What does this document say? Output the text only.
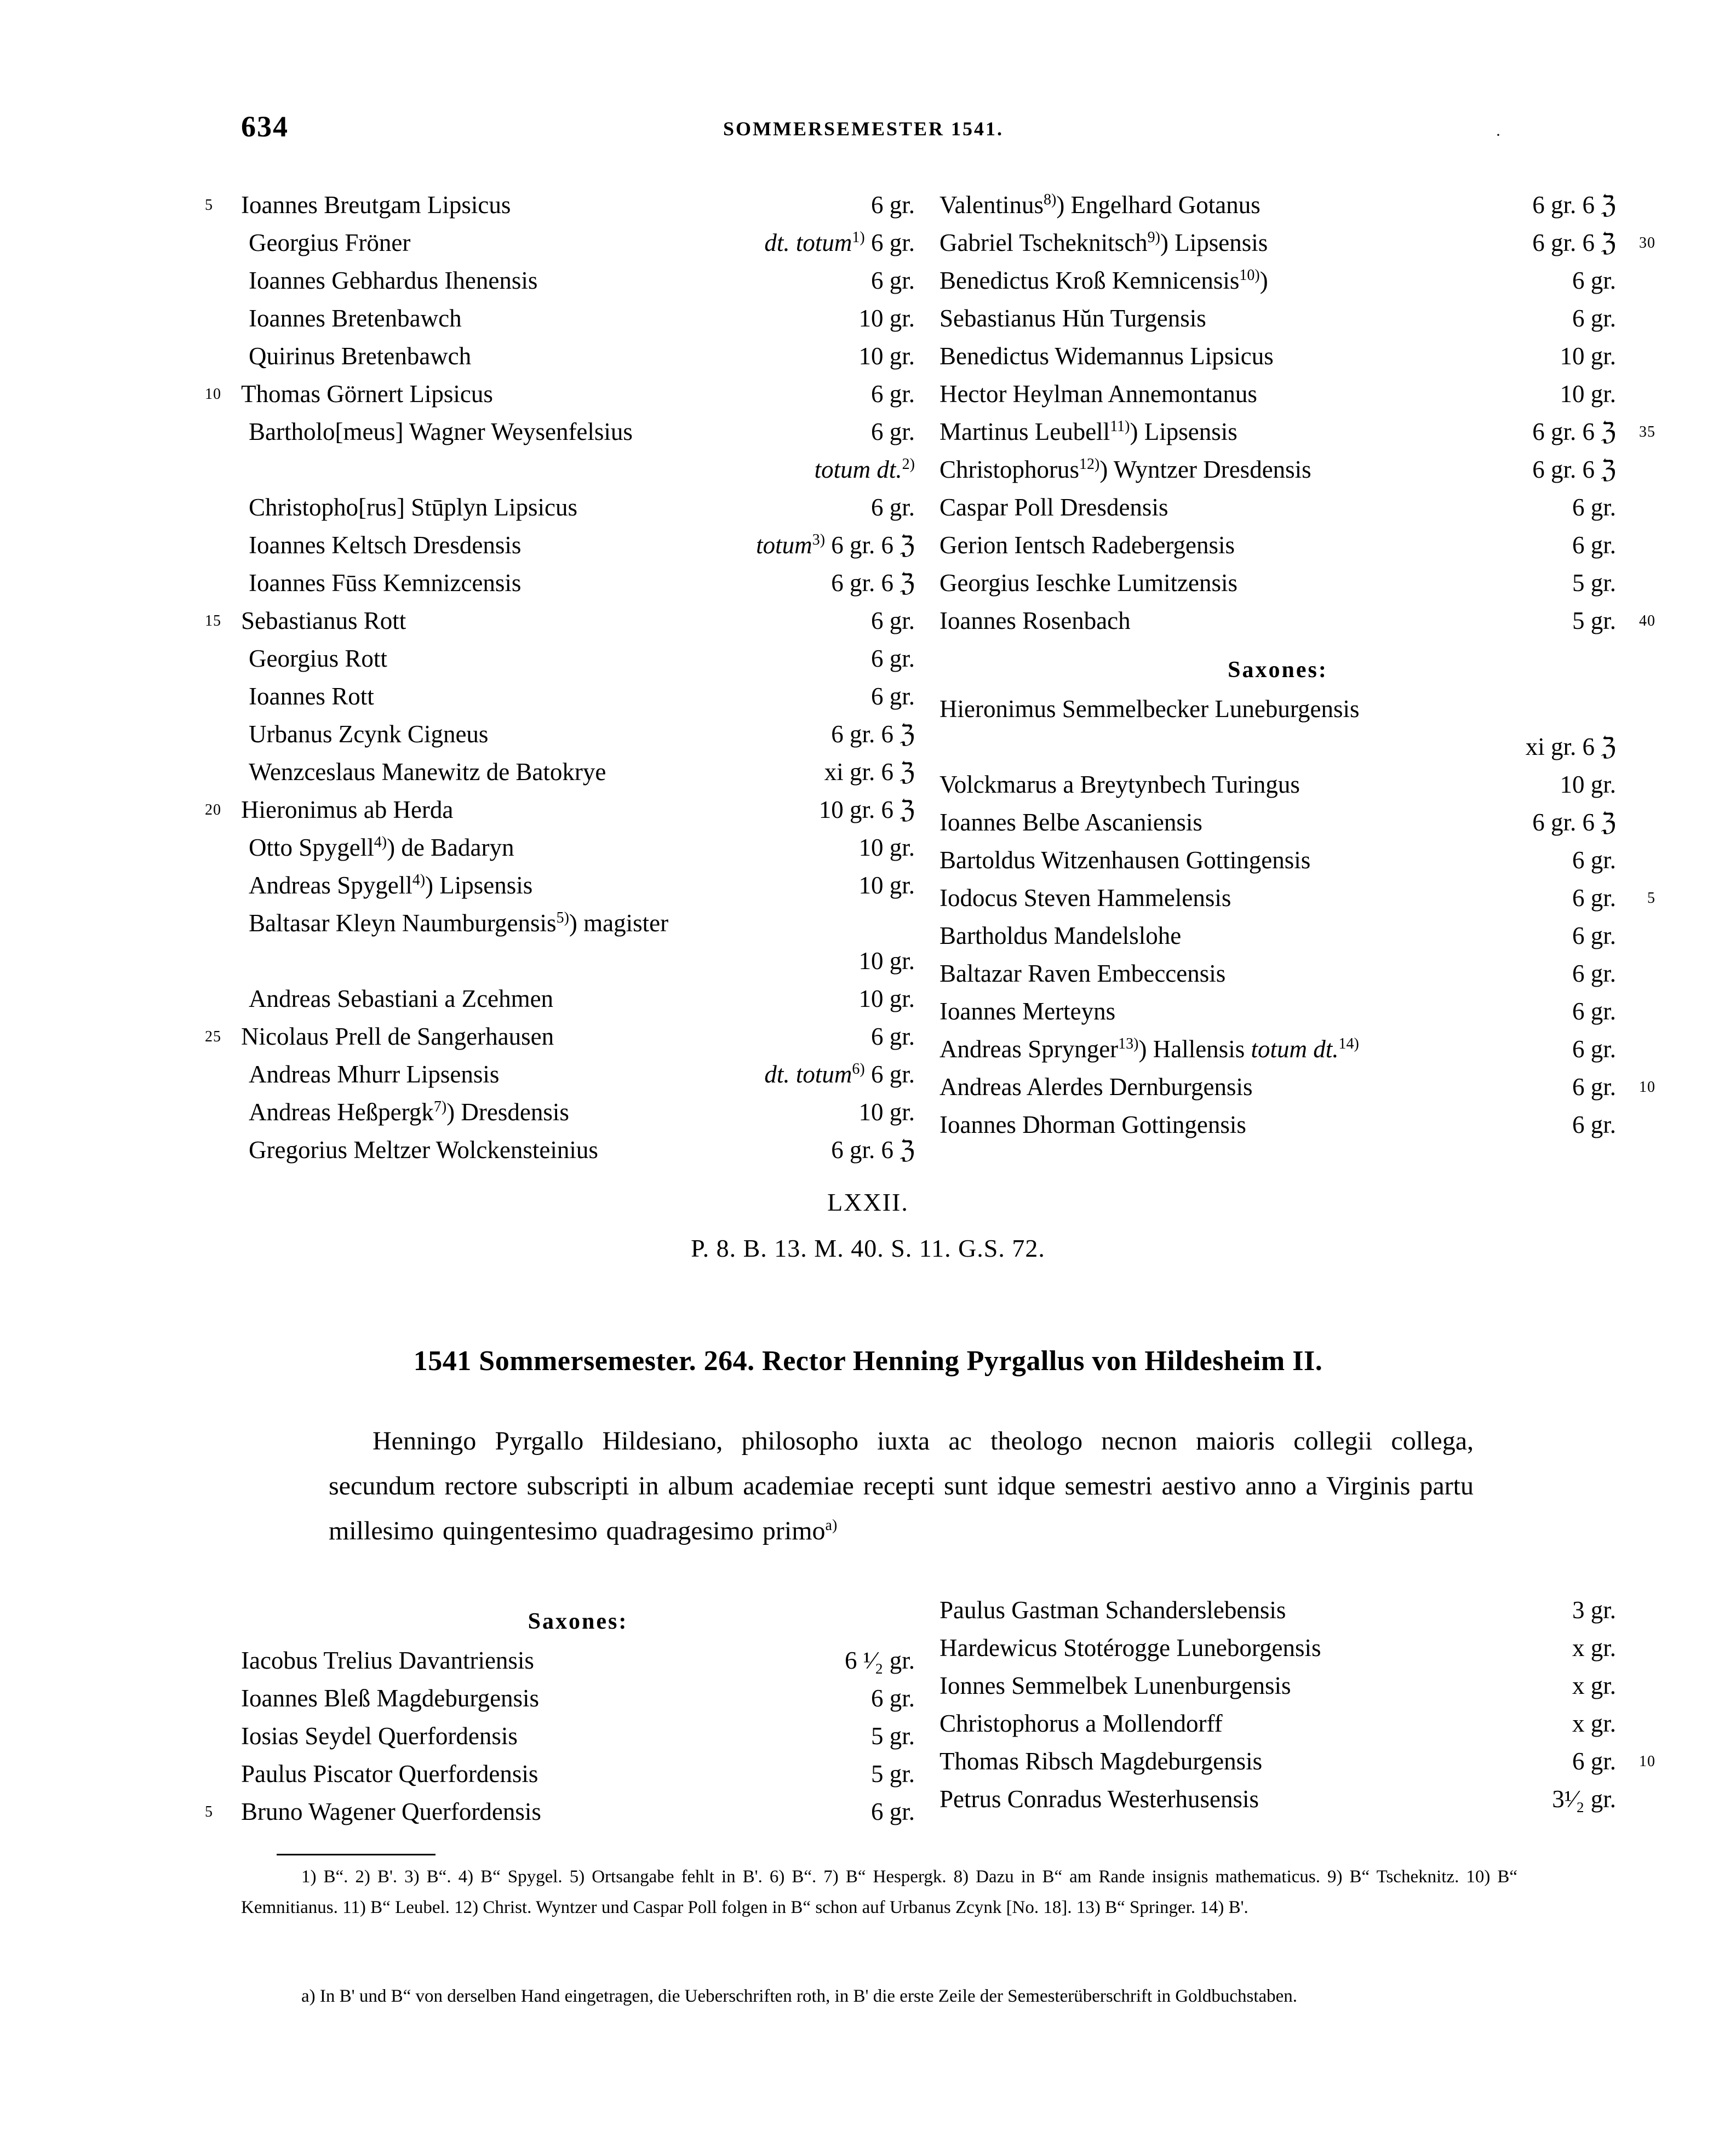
634	SOMMERSEMESTER 1541.	·
5 Ioannes Breutgam Lipsicus	6 gr.
Georgius Fröner	dt. totum$^{1)}$ 6 gr.
Ioannes Gebhardus Ihenensis	6 gr.
Ioannes Bretenbawch	10 gr.
Quirinus Bretenbawch	10 gr.
10 Thomas Görnert Lipsicus	6 gr.
Bartholo[meus] Wagner Weysenfelsius	6 gr.
totum dt.$^{2)}$
Christopho[rus] Stūplyn Lipsicus	6 gr.
Ioannes Keltsch Dresdensis	totum$^{3)}$ 6 gr. 6 ℨ
Ioannes Fūss Kemnizcensis	6 gr. 6 ℨ
15 Sebastianus Rott	6 gr.
Georgius Rott	6 gr.
Ioannes Rott	6 gr.
Urbanus Zcynk Cigneus	6 gr. 6 ℨ
Wenzceslaus Manewitz de Batokrye	xi gr. 6 ℨ
20 Hieronimus ab Herda	10 gr. 6 ℨ
Otto Spygell$^{4)}$) de Badaryn	10 gr.
Andreas Spygell$^{4)}$) Lipsensis	10 gr.
Baltasar Kleyn Naumburgensis$^{5)}$) magister
10 gr.
Andreas Sebastiani a Zcehmen	10 gr.
25 Nicolaus Prell de Sangerhausen	6 gr.
Andreas Mhurr Lipsensis	dt. totum$^{6)}$ 6 gr.
Andreas Heßpergk$^{7)}$) Dresdensis	10 gr.
Gregorius Meltzer Wolckensteinius	6 gr. 6 ℨ
Valentinus$^{8)}$) Engelhard Gotanus	6 gr. 6 ℨ
30
Gabriel Tscheknitsch$^{9)}$) Lipsensis	6 gr. 6 ℨ
Benedictus Kroß Kemnicensis$^{10)}$)	6 gr.
Sebastianus Hŭn Turgensis	6 gr.
Benedictus Widemannus Lipsicus	10 gr.
Hector Heylman Annemontanus	10 gr.
35
Martinus Leubell$^{11)}$) Lipsensis	6 gr. 6 ℨ
Christophorus$^{12)}$) Wyntzer Dresdensis	6 gr. 6 ℨ
Caspar Poll Dresdensis	6 gr.
Gerion Ientsch Radebergensis	6 gr.
Georgius Ieschke Lumitzensis	5 gr.
40
Ioannes Rosenbach	5 gr.
Saxones:
Hieronimus Semmelbecker Luneburgensis
xi gr. 6 ℨ
Volckmarus a Breytynbech Turingus	10 gr.
Ioannes Belbe Ascaniensis	6 gr. 6 ℨ
Bartoldus Witzenhausen Gottingensis	6 gr.
5
Iodocus Steven Hammelensis	6 gr.
Bartholdus Mandelslohe	6 gr.
Baltazar Raven Embeccensis	6 gr.
Ioannes Merteyns	6 gr.
Andreas Sprynger$^{13)}$) Hallensis totum dt.$^{14)}$	6 gr.
10
Andreas Alerdes Dernburgensis	6 gr.
Ioannes Dhorman Gottingensis	6 gr.
LXXII.
P. 8. B. 13. M. 40. S. 11. G.S. 72.
1541 Sommersemester. 264. Rector Henning Pyrgallus von Hildesheim II.
Henningo Pyrgallo Hildesiano, philosopho iuxta ac theologo necnon maioris collegii collega, secundum rectore subscripti in album academiae recepti sunt idque semestri aestivo anno a Virginis partu millesimo quingentesimo quadragesimo primo$^{a)}$
Saxones:
Iacobus Trelius Davantriensis	6 ¹⁄₂ gr.
Ioannes Bleß Magdeburgensis	6 gr.
Iosias Seydel Querfordensis	5 gr.
Paulus Piscator Querfordensis	5 gr.
5 Bruno Wagener Querfordensis	6 gr.
Paulus Gastman Schanderslebensis	3 gr.
Hardewicus Stotérogge Luneborgensis	x gr.
Ionnes Semmelbek Lunenburgensis	x gr.
Christophorus a Mollendorff	x gr.
10
Thomas Ribsch Magdeburgensis	6 gr.
Petrus Conradus Westerhusensis	3¹⁄₂ gr.
1) B“. 2) B'. 3) B“. 4) B“ Spygel. 5) Ortsangabe fehlt in B'. 6) B“. 7) B“ Hespergk. 8) Dazu in B“ am Rande insignis mathematicus. 9) B“ Tscheknitz. 10) B“ Kemnitianus. 11) B“ Leubel. 12) Christ. Wyntzer und Caspar Poll folgen in B“ schon auf Urbanus Zcynk [No. 18]. 13) B“ Springer. 14) B'.
a) In B' und B“ von derselben Hand eingetragen, die Ueberschriften roth, in B' die erste Zeile der Semesterüberschrift in Goldbuchstaben.
